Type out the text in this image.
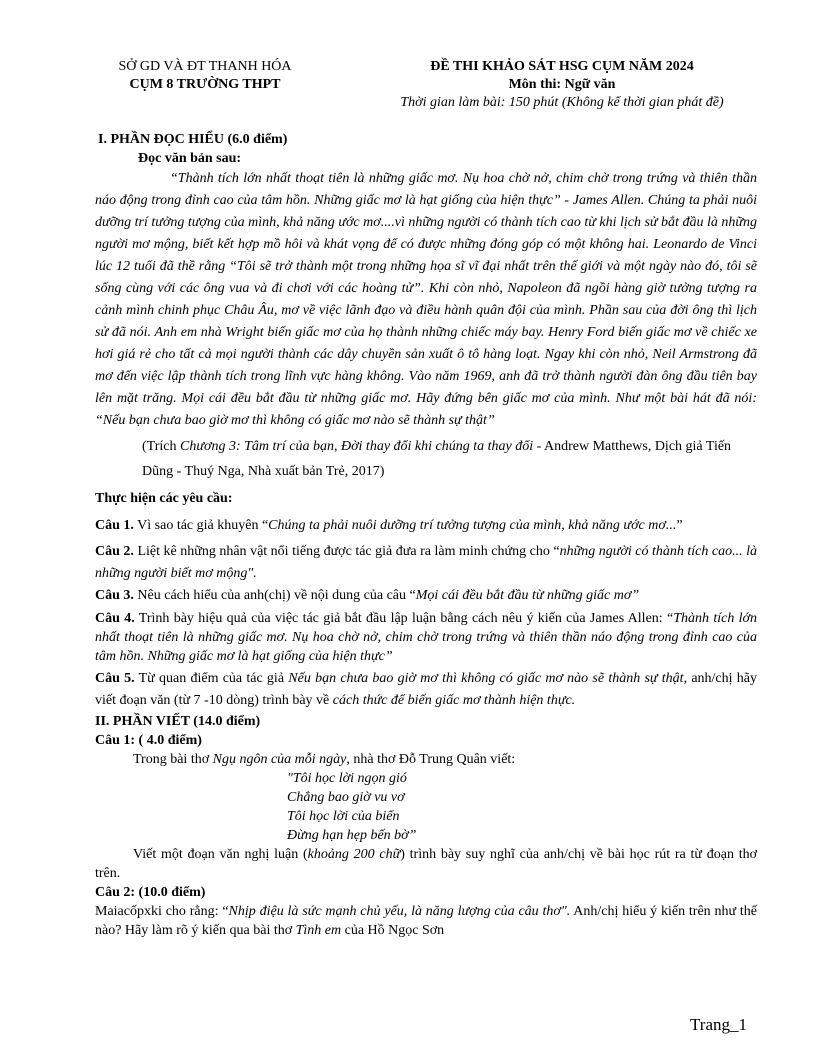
SỞ GD VÀ ĐT THANH HÓA
CỤM 8 TRƯỜNG THPT
ĐỀ THI KHẢO SÁT HSG CỤM NĂM 2024
Môn thi: Ngữ văn
Thời gian làm bài: 150 phút (Không kể thời gian phát đề)

I. PHẦN ĐỌC HIỂU (6.0 điểm)

Đọc văn bản sau:

“Thành tích lớn nhất thoạt tiên là những giấc mơ. Nụ hoa chờ nở, chim chờ trong trứng và thiên thần náo động trong đỉnh cao của tâm hồn. Những giấc mơ là hạt giống của hiện thực” - James Allen. Chúng ta phải nuôi dưỡng trí tưởng tượng của mình, khả năng ước mơ....vì những người có thành tích cao từ khi lịch sử bắt đầu là những người mơ mộng, biết kết hợp mồ hôi và khát vọng để có được những đóng góp có một không hai. Leonardo de Vinci lúc 12 tuổi đã thề rằng “Tôi sẽ trở thành một trong những họa sĩ vĩ đại nhất trên thế giới và một ngày nào đó, tôi sẽ sống cùng với các ông vua và đi chơi với các hoàng tử”. Khi còn nhỏ, Napoleon đã ngồi hàng giờ tưởng tượng ra cảnh mình chinh phục Châu Âu, mơ về việc lãnh đạo và điều hành quân đội của mình. Phần sau của đời ông thì lịch sử đã nói. Anh em nhà Wright biến giấc mơ của họ thành những chiếc máy bay. Henry Ford biến giấc mơ về chiếc xe hơi giá rẻ cho tất cả mọi người thành các dây chuyền sản xuất ô tô hàng loạt. Ngay khi còn nhỏ, Neil Armstrong đã mơ đến việc lập thành tích trong lĩnh vực hàng không. Vào năm 1969, anh đã trở thành người đàn ông đầu tiên bay lên mặt trăng. Mọi cái đều bắt đầu từ những giấc mơ. Hãy đứng bên giấc mơ của mình. Như một bài hát đã nói: “Nếu bạn chưa bao giờ mơ thì không có giấc mơ nào sẽ thành sự thật”

(Trích Chương 3: Tâm trí của bạn, Đời thay đổi khi chúng ta thay đổi - Andrew Matthews, Dịch giả Tiến Dũng - Thuý Nga, Nhà xuất bản Trẻ, 2017)

Thực hiện các yêu cầu:

Câu 1. Vì sao tác giả khuyên “Chúng ta phải nuôi dưỡng trí tưởng tượng của mình, khả năng ước mơ...”

Câu 2. Liệt kê những nhân vật nổi tiếng được tác giả đưa ra làm minh chứng cho “những người có thành tích cao... là những người biết mơ mộng".

Câu 3. Nêu cách hiểu của anh(chị) về nội dung của câu “Mọi cái đều bắt đầu từ những giấc mơ”

Câu 4. Trình bày hiệu quả của việc tác giả bắt đầu lập luận bằng cách nêu ý kiến của James Allen: “Thành tích lớn nhất thoạt tiên là những giấc mơ. Nụ hoa chờ nở, chim chờ trong trứng và thiên thần náo động trong đỉnh cao của tâm hồn. Những giấc mơ là hạt giống của hiện thực”

Câu 5. Từ quan điểm của tác giả Nếu bạn chưa bao giờ mơ thì không có giấc mơ nào sẽ thành sự thật, anh/chị hãy viết đoạn văn (từ 7 -10 dòng) trình bày về cách thức để biến giấc mơ thành hiện thực.

II. PHẦN VIẾT (14.0 điểm)

Câu 1: ( 4.0 điểm)

Trong bài thơ Ngụ ngôn của mỗi ngày, nhà thơ Đỗ Trung Quân viết:

"Tôi học lời ngọn gió

Chẳng bao giờ vu vơ

Tôi học lời của biển

Đừng hạn hẹp bến bờ”

Viết một đoạn văn nghị luận (khoảng 200 chữ) trình bày suy nghĩ của anh/chị về bài học rút ra từ đoạn thơ trên.

Câu 2: (10.0 điểm)

Maiacốpxki cho rằng: “Nhịp điệu là sức mạnh chủ yếu, là năng lượng của câu thơ". Anh/chị hiểu ý kiến trên như thế nào? Hãy làm rõ ý kiến qua bài thơ Tình em của Hồ Ngọc Sơn

Trang_1
